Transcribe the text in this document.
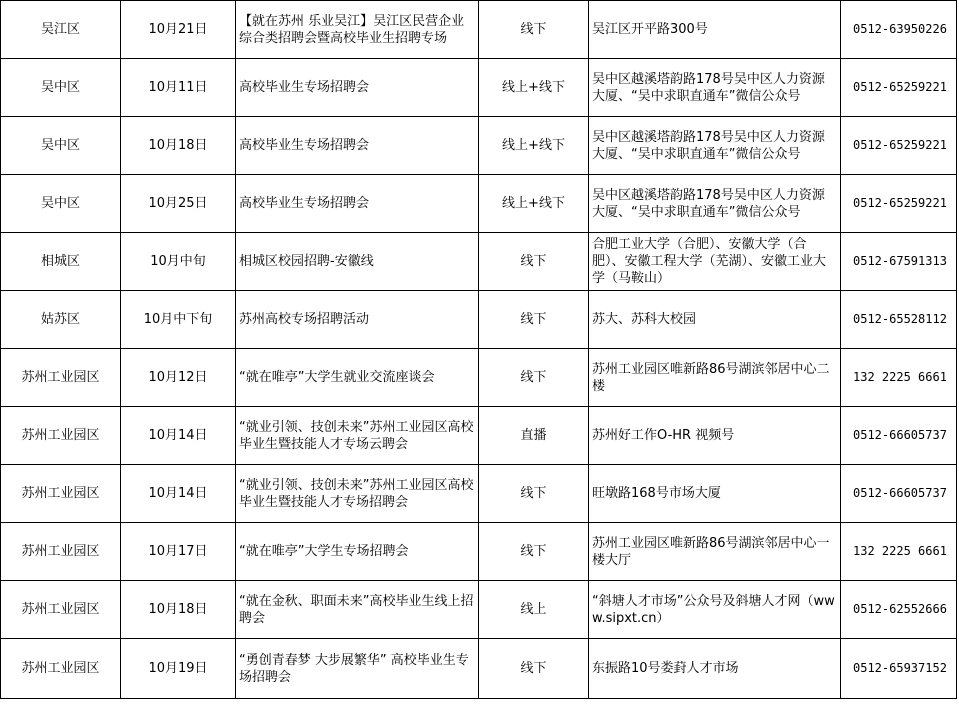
吴江区	10月21日	【就在苏州 乐业吴江】吴江区民营企业综合类招聘会暨高校毕业生招聘专场	线下	吴江区开平路300号	0512-63950226
吴中区	10月11日	高校毕业生专场招聘会	线上+线下	吴中区越溪塔韵路178号吴中区人力资源大厦、“吴中求职直通车”微信公众号	0512-65259221
吴中区	10月18日	高校毕业生专场招聘会	线上+线下	吴中区越溪塔韵路178号吴中区人力资源大厦、“吴中求职直通车”微信公众号	0512-65259221
吴中区	10月25日	高校毕业生专场招聘会	线上+线下	吴中区越溪塔韵路178号吴中区人力资源大厦、“吴中求职直通车”微信公众号	0512-65259221
相城区	10月中旬	相城区校园招聘-安徽线	线下	合肥工业大学（合肥）、安徽大学（合肥）、安徽工程大学（芜湖）、安徽工业大学（马鞍山）	0512-67591313
姑苏区	10月中下旬	苏州高校专场招聘活动	线下	苏大、苏科大校园	0512-65528112
苏州工业园区	10月12日	“就在唯亭”大学生就业交流座谈会	线下	苏州工业园区唯新路86号湖滨邻居中心二楼	132 2225 6661
苏州工业园区	10月14日	“就业引领、技创未来”苏州工业园区高校毕业生暨技能人才专场云聘会	直播	苏州好工作O-HR 视频号	0512-66605737
苏州工业园区	10月14日	“就业引领、技创未来”苏州工业园区高校毕业生暨技能人才专场招聘会	线下	旺墩路168号市场大厦	0512-66605737
苏州工业园区	10月17日	“就在唯亭”大学生专场招聘会	线下	苏州工业园区唯新路86号湖滨邻居中心一楼大厅	132 2225 6661
苏州工业园区	10月18日	“就在金秋、职面未来”高校毕业生线上招聘会	线上	“斜塘人才市场”公众号及斜塘人才网（www.sipxt.cn）	0512-62552666
苏州工业园区	10月19日	“勇创青春梦 大步展繁华” 高校毕业生专场招聘会	线下	东振路10号娄葑人才市场	0512-65937152
